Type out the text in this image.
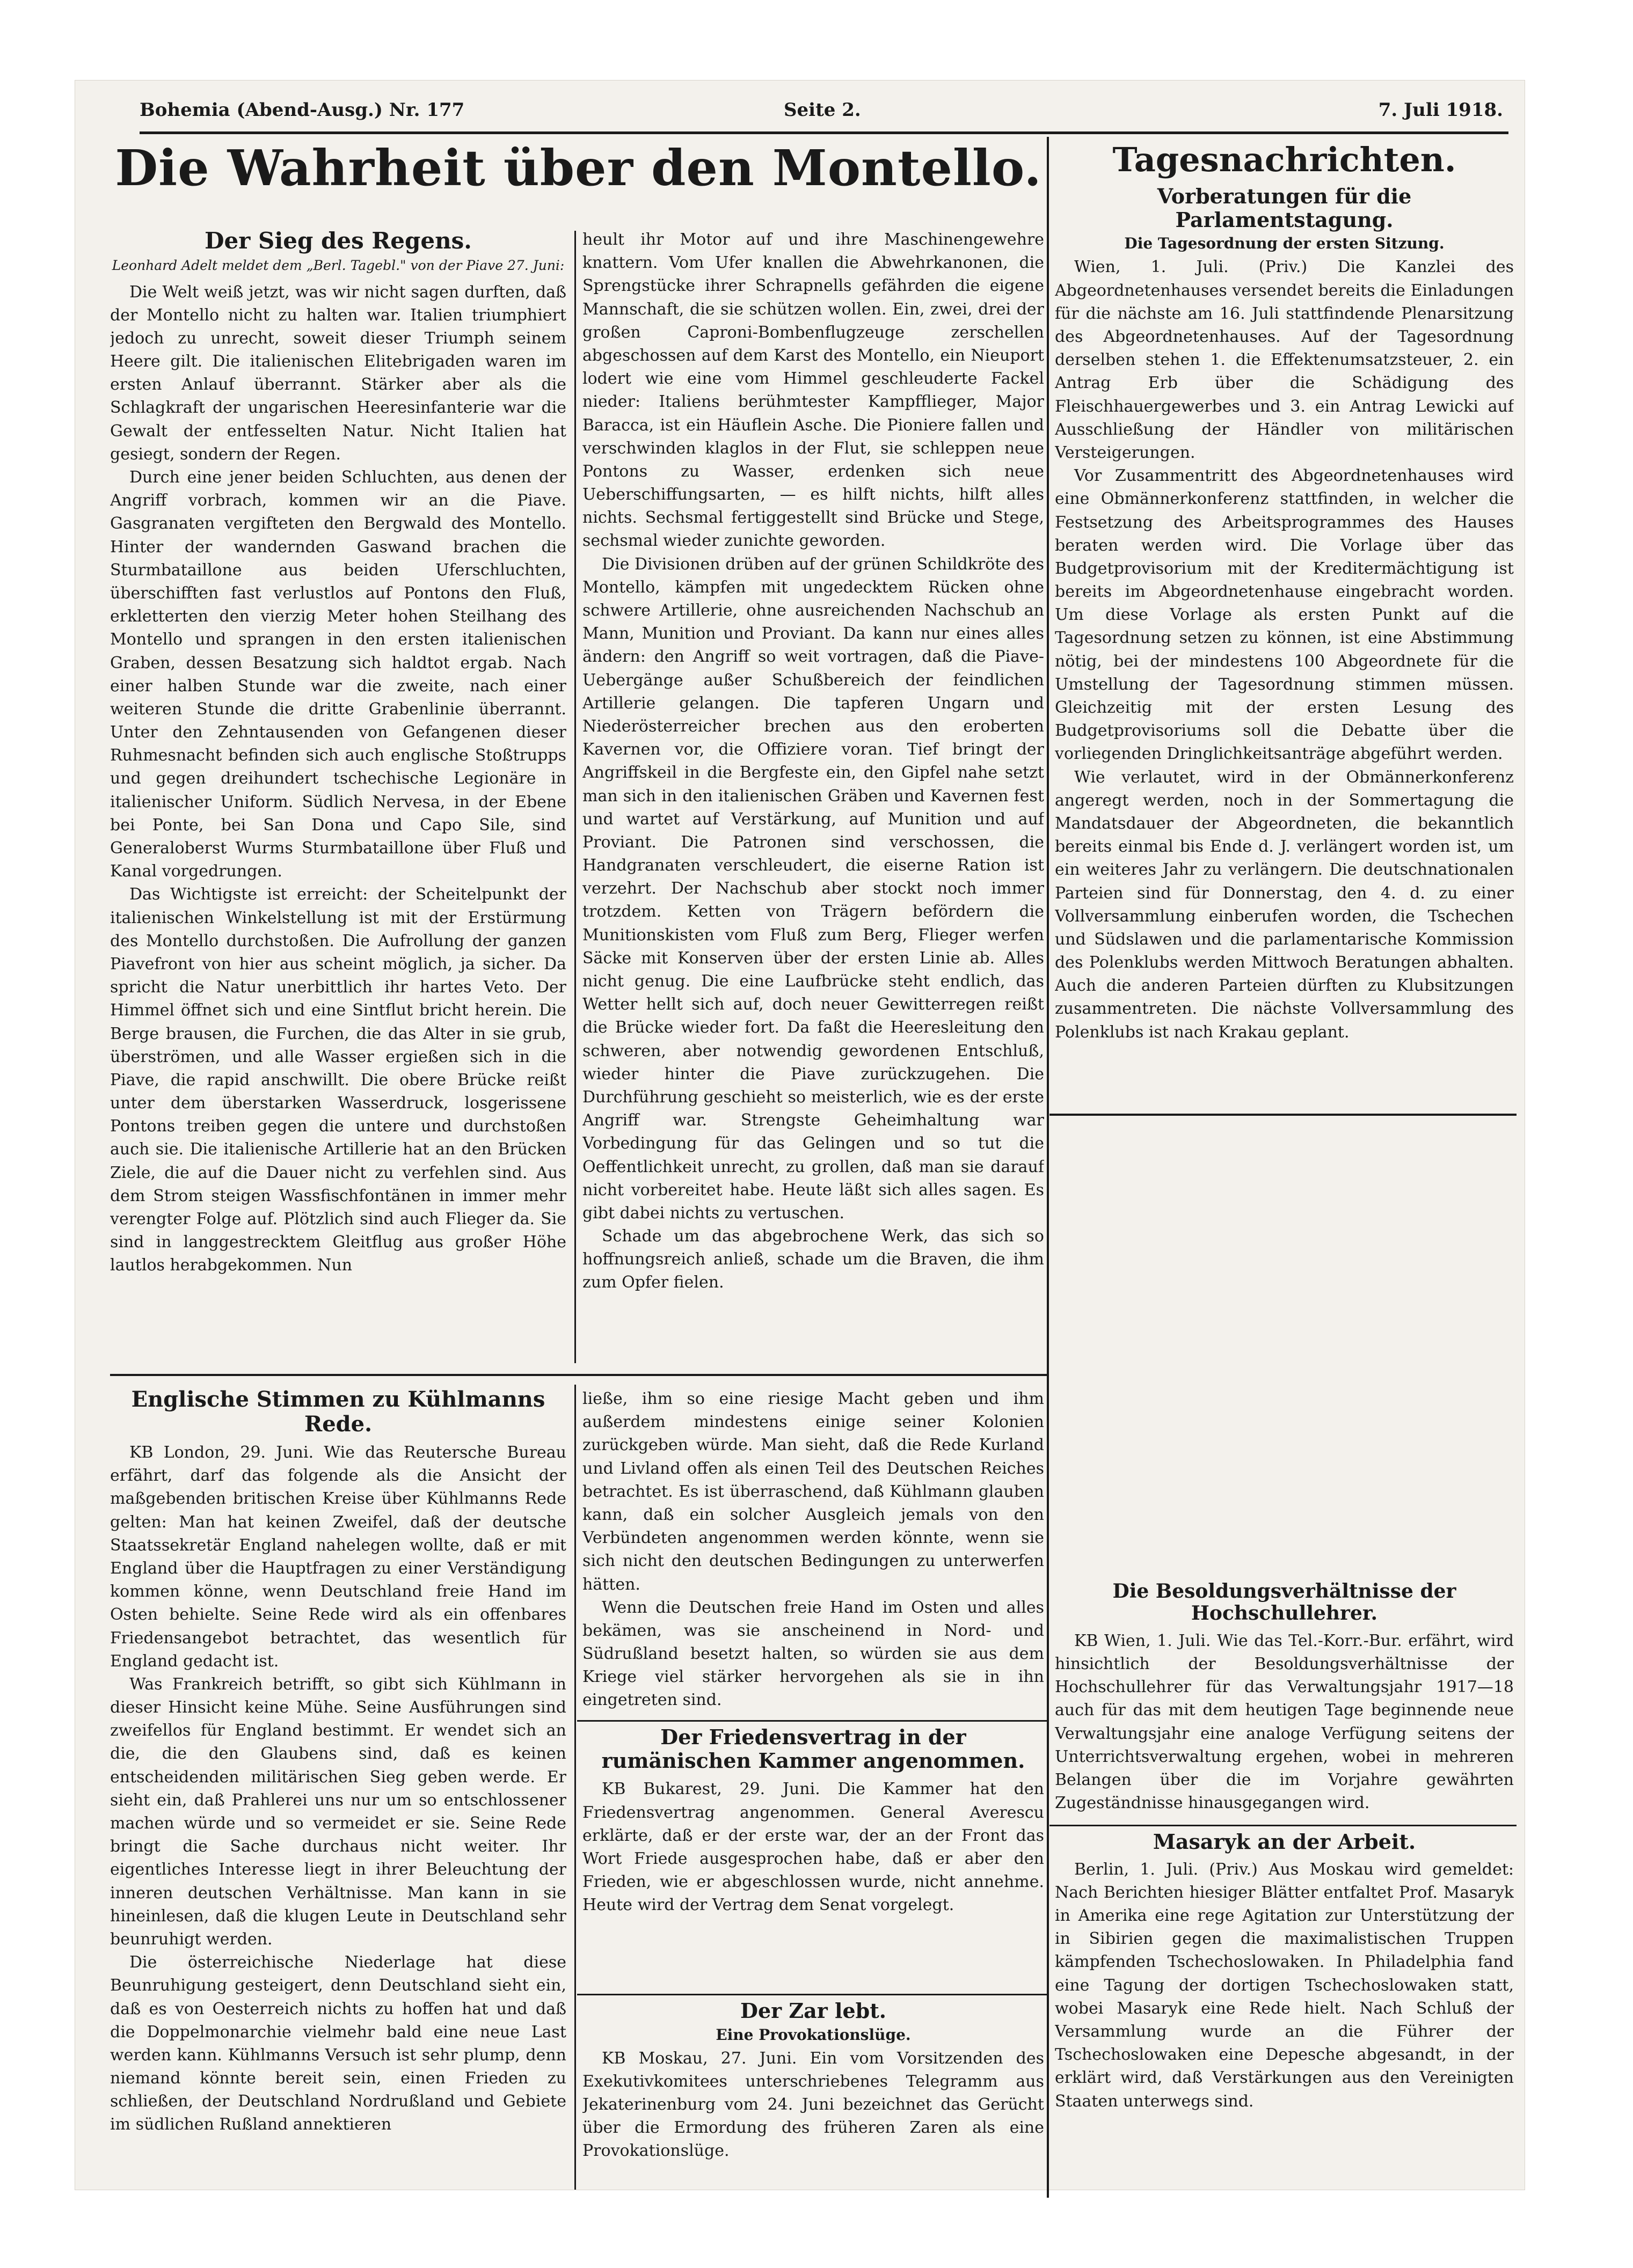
Bohemia (Abend-Ausg.) Nr. 177	Seite 2.	7. Juli 1918.
Die Wahrheit über den Montello.
Der Sieg des Regens.

Leonhard Adelt meldet dem „Berl. Tagebl." von der Piave 27. Juni:

Die Welt weiß jetzt, was wir nicht sagen durften, daß der Montello nicht zu halten war. Italien triumphiert jedoch zu unrecht, soweit dieser Triumph seinem Heere gilt. Die italienischen Elitebrigaden waren im ersten Anlauf überrannt. Stärker aber als die Schlagkraft der ungarischen Heeresinfanterie war die Gewalt der entfesselten Natur. Nicht Italien hat gesiegt, sondern der Regen.

Durch eine jener beiden Schluchten, aus denen der Angriff vorbrach, kommen wir an die Piave. Gasgranaten vergifteten den Bergwald des Montello. Hinter der wandernden Gaswand brachen die Sturmbataillone aus beiden Uferschluchten, überschifften fast verlustlos auf Pontons den Fluß, erkletterten den vierzig Meter hohen Steilhang des Montello und sprangen in den ersten italienischen Graben, dessen Besatzung sich haldtot ergab. Nach einer halben Stunde war die zweite, nach einer weiteren Stunde die dritte Grabenlinie überrannt. Unter den Zehntausenden von Gefangenen dieser Ruhmesnacht befinden sich auch englische Stoßtrupps und gegen dreihundert tschechische Legionäre in italienischer Uniform. Südlich Nervesa, in der Ebene bei Ponte, bei San Dona und Capo Sile, sind Generaloberst Wurms Sturmbataillone über Fluß und Kanal vorgedrungen.

Das Wichtigste ist erreicht: der Scheitelpunkt der italienischen Winkelstellung ist mit der Erstürmung des Montello durchstoßen. Die Aufrollung der ganzen Piavefront von hier aus scheint möglich, ja sicher. Da spricht die Natur unerbittlich ihr hartes Veto. Der Himmel öffnet sich und eine Sintflut bricht herein. Die Berge brausen, die Furchen, die das Alter in sie grub, überströmen, und alle Wasser ergießen sich in die Piave, die rapid anschwillt. Die obere Brücke reißt unter dem überstarken Wasserdruck, losgerissene Pontons treiben gegen die untere und durchstoßen auch sie. Die italienische Artillerie hat an den Brücken Ziele, die auf die Dauer nicht zu verfehlen sind. Aus dem Strom steigen Wassfischfontänen in immer mehr verengter Folge auf. Plötzlich sind auch Flieger da. Sie sind in langgestrecktem Gleitflug aus großer Höhe lautlos herabgekommen. Nun

heult ihr Motor auf und ihre Maschinengewehre knattern. Vom Ufer knallen die Abwehrkanonen, die Sprengstücke ihrer Schrapnells gefährden die eigene Mannschaft, die sie schützen wollen. Ein, zwei, drei der großen Caproni-Bombenflugzeuge zerschellen abgeschossen auf dem Karst des Montello, ein Nieuport lodert wie eine vom Himmel geschleuderte Fackel nieder: Italiens berühmtester Kampfflieger, Major Baracca, ist ein Häuflein Asche. Die Pioniere fallen und verschwinden klaglos in der Flut, sie schleppen neue Pontons zu Wasser, erdenken sich neue Ueberschiffungsarten, — es hilft nichts, hilft alles nichts. Sechsmal fertiggestellt sind Brücke und Stege, sechsmal wieder zunichte geworden.

Die Divisionen drüben auf der grünen Schildkröte des Montello, kämpfen mit ungedecktem Rücken ohne schwere Artillerie, ohne ausreichenden Nachschub an Mann, Munition und Proviant. Da kann nur eines alles ändern: den Angriff so weit vortragen, daß die Piave-Uebergänge außer Schußbereich der feindlichen Artillerie gelangen. Die tapferen Ungarn und Niederösterreicher brechen aus den eroberten Kavernen vor, die Offiziere voran. Tief bringt der Angriffskeil in die Bergfeste ein, den Gipfel nahe setzt man sich in den italienischen Gräben und Kavernen fest und wartet auf Verstärkung, auf Munition und auf Proviant. Die Patronen sind verschossen, die Handgranaten verschleudert, die eiserne Ration ist verzehrt. Der Nachschub aber stockt noch immer trotzdem. Ketten von Trägern befördern die Munitionskisten vom Fluß zum Berg, Flieger werfen Säcke mit Konserven über der ersten Linie ab. Alles nicht genug. Die eine Laufbrücke steht endlich, das Wetter hellt sich auf, doch neuer Gewitterregen reißt die Brücke wieder fort. Da faßt die Heeresleitung den schweren, aber notwendig gewordenen Entschluß, wieder hinter die Piave zurückzugehen. Die Durchführung geschieht so meisterlich, wie es der erste Angriff war. Strengste Geheimhaltung war Vorbedingung für das Gelingen und so tut die Oeffentlichkeit unrecht, zu grollen, daß man sie darauf nicht vorbereitet habe. Heute läßt sich alles sagen. Es gibt dabei nichts zu vertuschen.

Schade um das abgebrochene Werk, das sich so hoffnungsreich anließ, schade um die Braven, die ihm zum Opfer fielen.

Tagesnachrichten.
Vorberatungen für die Parlamentstagung.

Die Tagesordnung der ersten Sitzung.

Wien, 1. Juli. (Priv.) Die Kanzlei des Abgeordnetenhauses versendet bereits die Einladungen für die nächste am 16. Juli stattfindende Plenarsitzung des Abgeordnetenhauses. Auf der Tagesordnung derselben stehen 1. die Effektenumsatzsteuer, 2. ein Antrag Erb über die Schädigung des Fleischhauergewerbes und 3. ein Antrag Lewicki auf Ausschließung der Händler von militärischen Versteigerungen.

Vor Zusammentritt des Abgeordnetenhauses wird eine Obmännerkonferenz stattfinden, in welcher die Festsetzung des Arbeitsprogrammes des Hauses beraten werden wird. Die Vorlage über das Budgetprovisorium mit der Kreditermächtigung ist bereits im Abgeordnetenhause eingebracht worden. Um diese Vorlage als ersten Punkt auf die Tagesordnung setzen zu können, ist eine Abstimmung nötig, bei der mindestens 100 Abgeordnete für die Umstellung der Tagesordnung stimmen müssen. Gleichzeitig mit der ersten Lesung des Budgetprovisoriums soll die Debatte über die vorliegenden Dringlichkeitsanträge abgeführt werden.

Wie verlautet, wird in der Obmännerkonferenz angeregt werden, noch in der Sommertagung die Mandatsdauer der Abgeordneten, die bekanntlich bereits einmal bis Ende d. J. verlängert worden ist, um ein weiteres Jahr zu verlängern. Die deutschnationalen Parteien sind für Donnerstag, den 4. d. zu einer Vollversammlung einberufen worden, die Tschechen und Südslawen und die parlamentarische Kommission des Polenklubs werden Mittwoch Beratungen abhalten. Auch die anderen Parteien dürften zu Klubsitzungen zusammentreten. Die nächste Vollversammlung des Polenklubs ist nach Krakau geplant.

Englische Stimmen zu Kühlmanns Rede.

KB London, 29. Juni. Wie das Reutersche Bureau erfährt, darf das folgende als die Ansicht der maßgebenden britischen Kreise über Kühlmanns Rede gelten: Man hat keinen Zweifel, daß der deutsche Staatssekretär England nahelegen wollte, daß er mit England über die Hauptfragen zu einer Verständigung kommen könne, wenn Deutschland freie Hand im Osten behielte. Seine Rede wird als ein offenbares Friedensangebot betrachtet, das wesentlich für England gedacht ist.

Was Frankreich betrifft, so gibt sich Kühlmann in dieser Hinsicht keine Mühe. Seine Ausführungen sind zweifellos für England bestimmt. Er wendet sich an die, die den Glaubens sind, daß es keinen entscheidenden militärischen Sieg geben werde. Er sieht ein, daß Prahlerei uns nur um so entschlossener machen würde und so vermeidet er sie. Seine Rede bringt die Sache durchaus nicht weiter. Ihr eigentliches Interesse liegt in ihrer Beleuchtung der inneren deutschen Verhältnisse. Man kann in sie hineinlesen, daß die klugen Leute in Deutschland sehr beunruhigt werden.

Die österreichische Niederlage hat diese Beunruhigung gesteigert, denn Deutschland sieht ein, daß es von Oesterreich nichts zu hoffen hat und daß die Doppelmonarchie vielmehr bald eine neue Last werden kann. Kühlmanns Versuch ist sehr plump, denn niemand könnte bereit sein, einen Frieden zu schließen, der Deutschland Nordrußland und Gebiete im südlichen Rußland annektieren

ließe, ihm so eine riesige Macht geben und ihm außerdem mindestens einige seiner Kolonien zurückgeben würde. Man sieht, daß die Rede Kurland und Livland offen als einen Teil des Deutschen Reiches betrachtet. Es ist überraschend, daß Kühlmann glauben kann, daß ein solcher Ausgleich jemals von den Verbündeten angenommen werden könnte, wenn sie sich nicht den deutschen Bedingungen zu unterwerfen hätten.

Wenn die Deutschen freie Hand im Osten und alles bekämen, was sie anscheinend in Nord- und Südrußland besetzt halten, so würden sie aus dem Kriege viel stärker hervorgehen als sie in ihn eingetreten sind.

Der Friedensvertrag in der rumänischen Kammer angenommen.

KB Bukarest, 29. Juni. Die Kammer hat den Friedensvertrag angenommen. General Averescu erklärte, daß er der erste war, der an der Front das Wort Friede ausgesprochen habe, daß er aber den Frieden, wie er abgeschlossen wurde, nicht annehme. Heute wird der Vertrag dem Senat vorgelegt.

Der Zar lebt.

Eine Provokationslüge.

KB Moskau, 27. Juni. Ein vom Vorsitzenden des Exekutivkomitees unterschriebenes Telegramm aus Jekaterinenburg vom 24. Juni bezeichnet das Gerücht über die Ermordung des früheren Zaren als eine Provokationslüge.

Die Besoldungsverhältnisse der Hochschullehrer.

KB Wien, 1. Juli. Wie das Tel.-Korr.-Bur. erfährt, wird hinsichtlich der Besoldungsverhältnisse der Hochschullehrer für das Verwaltungsjahr 1917—18 auch für das mit dem heutigen Tage beginnende neue Verwaltungsjahr eine analoge Verfügung seitens der Unterrichtsverwaltung ergehen, wobei in mehreren Belangen über die im Vorjahre gewährten Zugeständnisse hinausgegangen wird.

Masaryk an der Arbeit.

Berlin, 1. Juli. (Priv.) Aus Moskau wird gemeldet: Nach Berichten hiesiger Blätter entfaltet Prof. Masaryk in Amerika eine rege Agitation zur Unterstützung der in Sibirien gegen die maximalistischen Truppen kämpfenden Tschechoslowaken. In Philadelphia fand eine Tagung der dortigen Tschechoslowaken statt, wobei Masaryk eine Rede hielt. Nach Schluß der Versammlung wurde an die Führer der Tschechoslowaken eine Depesche abgesandt, in der erklärt wird, daß Verstärkungen aus den Vereinigten Staaten unterwegs sind.
